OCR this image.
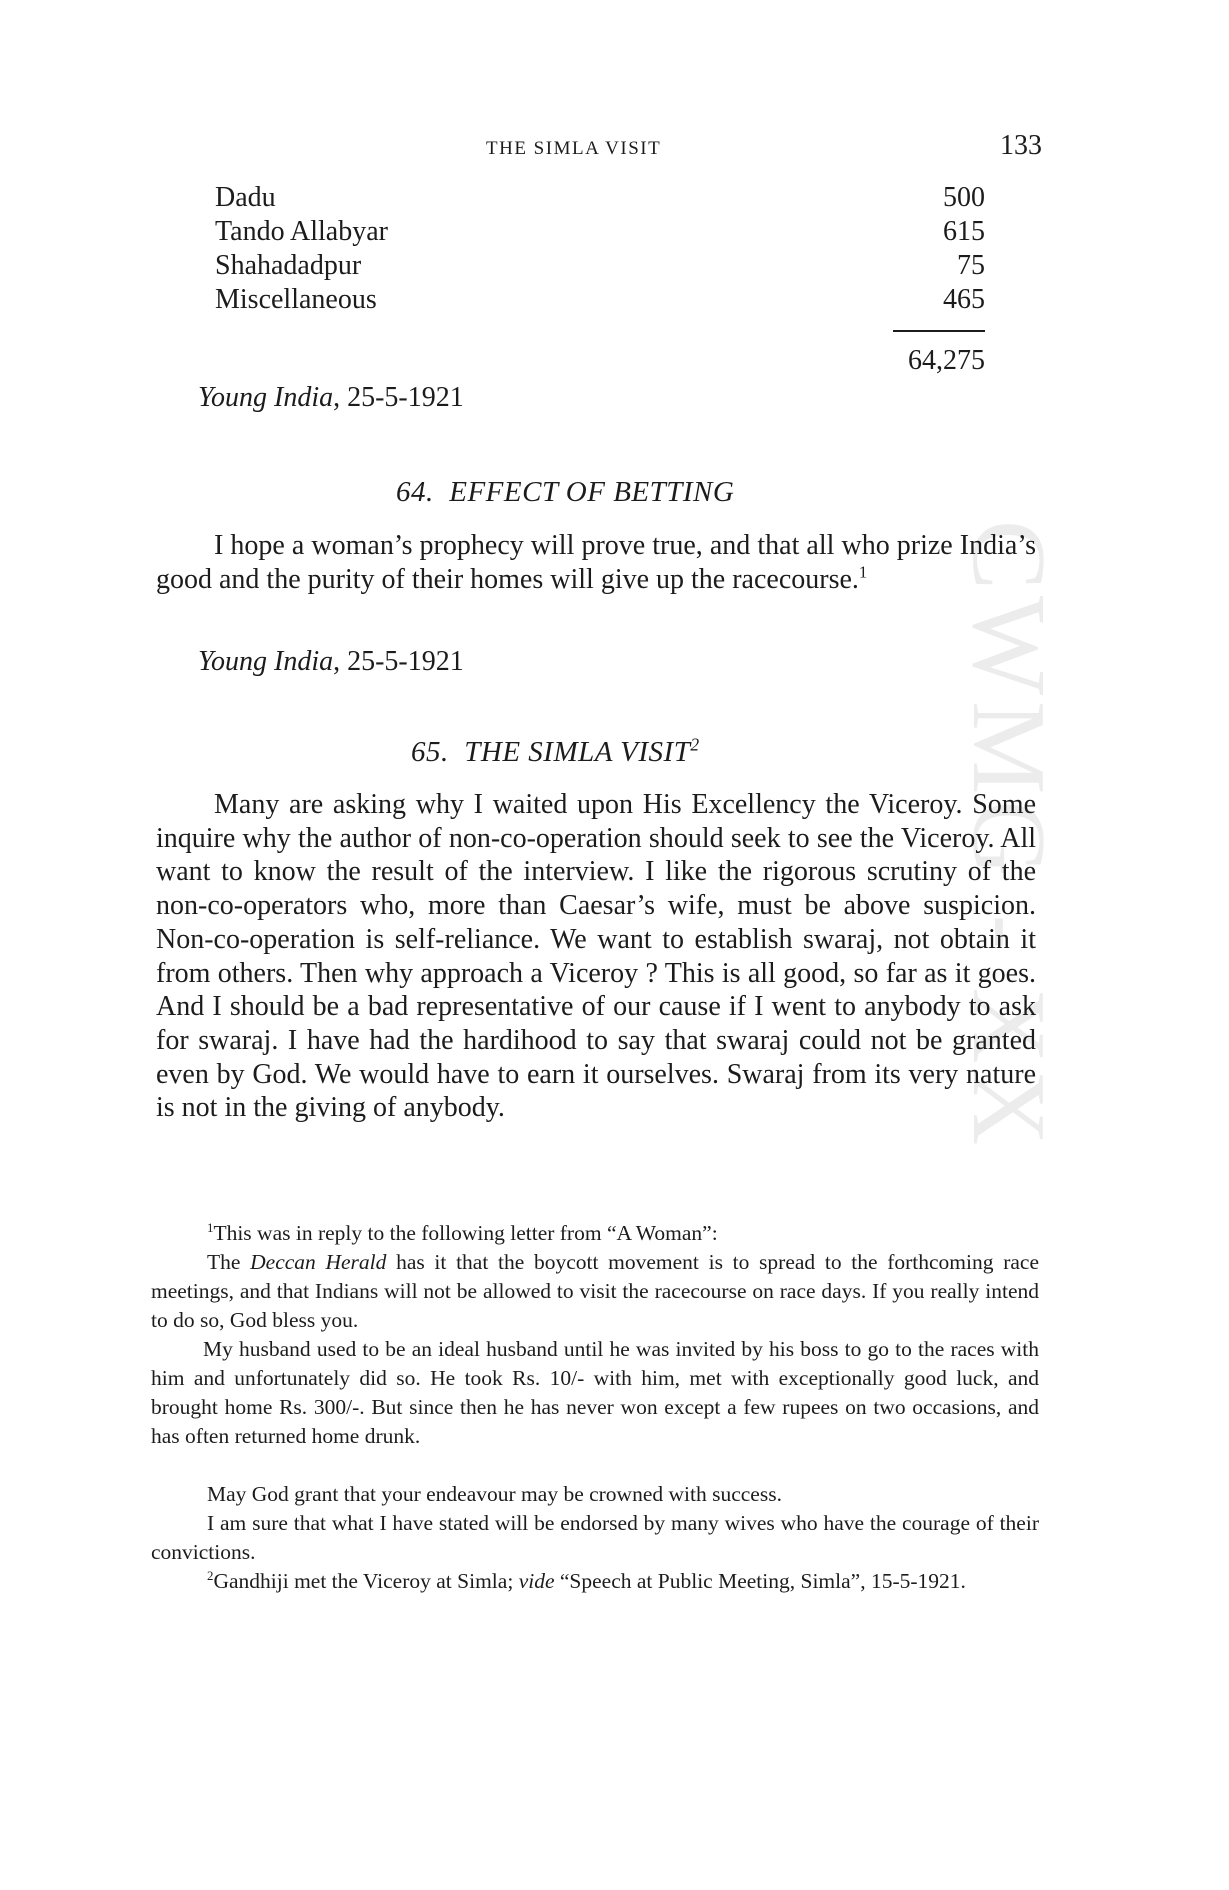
CWMG - XX
THE SIMLA VISIT	133
Dadu	500
Tando Allabyar	615
Shahadadpur	75
Miscellaneous	465
64,275
Young India, 25-5-1921
64. EFFECT OF BETTING
I hope a woman’s prophecy will prove true, and that all who prize India’s good and the purity of their homes will give up the racecourse.$^1$
Young India, 25-5-1921
65. THE SIMLA VISIT$^2$
Many are asking why I waited upon His Excellency the Viceroy. Some inquire why the author of non-co-operation should seek to see the Viceroy. All want to know the result of the interview. I like the rigorous scrutiny of the non-co-operators who, more than Caesar’s wife, must be above suspicion. Non-co-operation is self-reliance. We want to establish swaraj, not obtain it from others. Then why approach a Viceroy ? This is all good, so far as it goes. And I should be a bad representative of our cause if I went to anybody to ask for swaraj. I have had the hardihood to say that swaraj could not be granted even by God. We would have to earn it ourselves. Swaraj from its very nature is not in the giving of anybody.
$^1$This was in reply to the following letter from “A Woman”:
The Deccan Herald has it that the boycott movement is to spread to the forthcoming race meetings, and that Indians will not be allowed to visit the racecourse on race days. If you really intend to do so, God bless you.
My husband used to be an ideal husband until he was invited by his boss to go to the races with him and unfortunately did so. He took Rs. 10/- with him, met with exceptionally good luck, and brought home Rs. 300/-. But since then he has never won except a few rupees on two occasions, and has often returned home drunk.
May God grant that your endeavour may be crowned with success.
I am sure that what I have stated will be endorsed by many wives who have the courage of their convictions.
$^2$Gandhiji met the Viceroy at Simla; vide “Speech at Public Meeting, Simla”, 15-5-1921.
